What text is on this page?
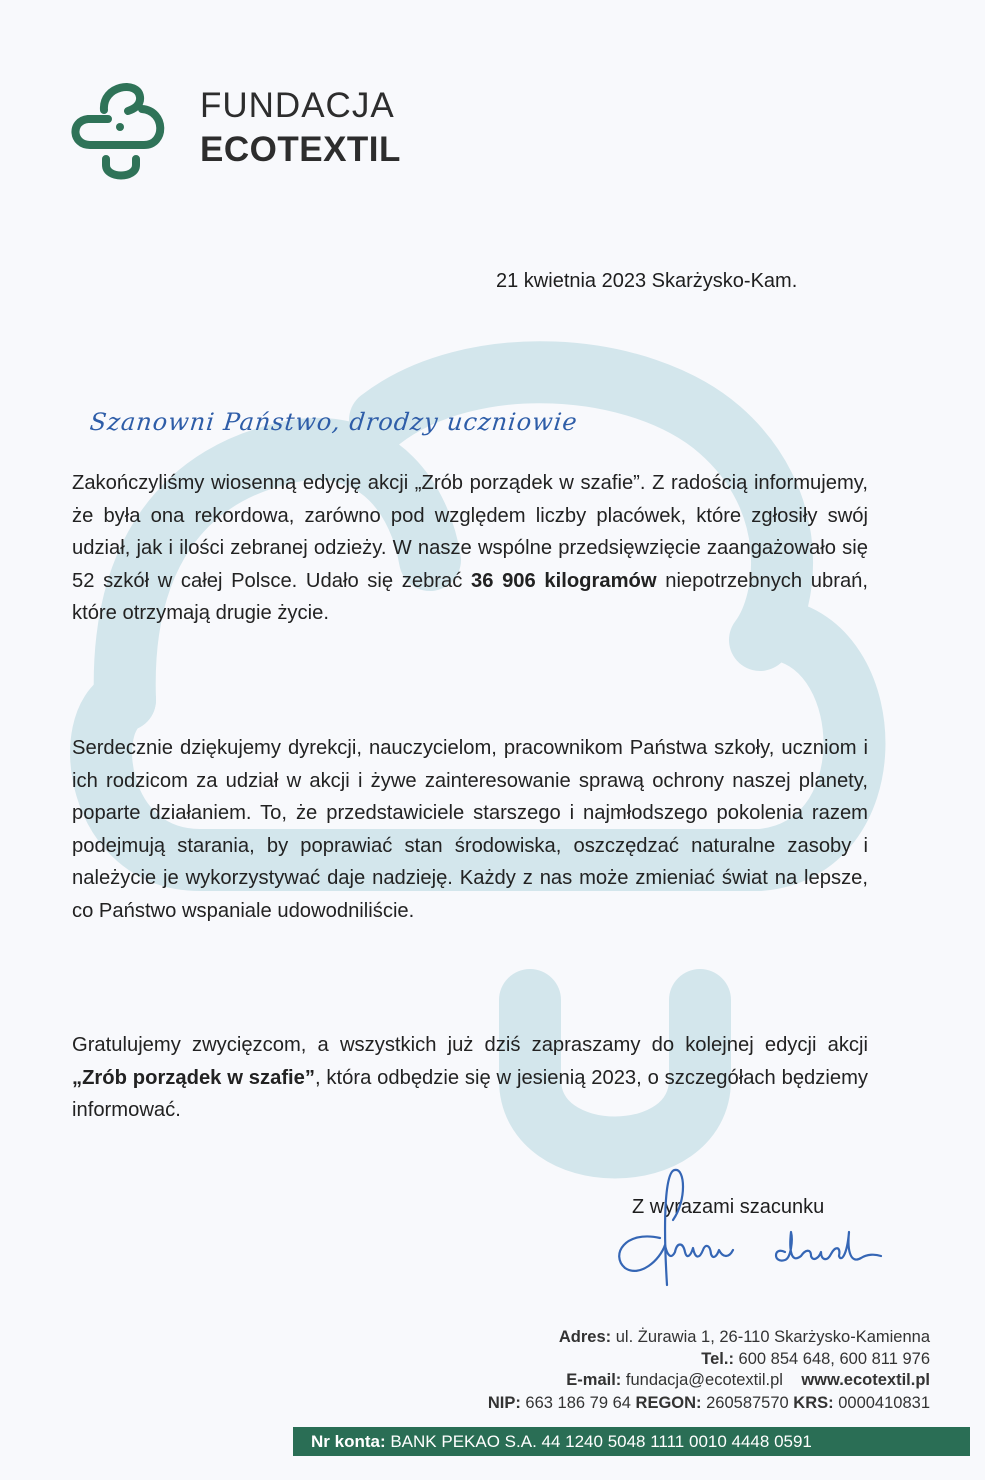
FUNDACJA
ECOTEXTIL
21 kwietnia 2023 Skarżysko-Kam.
Szanowni Państwo, drodzy uczniowie
Zakończyliśmy wiosenną edycję akcji „Zrób porządek w szafie”. Z radością informujemy, że była ona rekordowa, zarówno pod względem liczby placówek, które zgłosiły swój udział, jak i ilości zebranej odzieży. W nasze wspólne przedsięwzięcie zaangażowało się 52 szkół w całej Polsce. Udało się zebrać 36 906 kilogramów niepotrzebnych ubrań, które otrzymają drugie życie.
Serdecznie dziękujemy dyrekcji, nauczycielom, pracownikom Państwa szkoły, uczniom i ich rodzicom za udział w akcji i żywe zainteresowanie sprawą ochrony naszej planety, poparte działaniem. To, że przedstawiciele starszego i najmłodszego pokolenia razem podejmują starania, by poprawiać stan środowiska, oszczędzać naturalne zasoby i należycie je wykorzystywać daje nadzieję. Każdy z nas może zmieniać świat na lepsze, co Państwo wspaniale udowodniliście.
Gratulujemy zwycięzcom, a wszystkich już dziś zapraszamy do kolejnej edycji akcji „Zrób porządek w szafie”, która odbędzie się w jesienią 2023, o szczegółach będziemy informować.
Z wyrazami szacunku
Adres: ul. Żurawia 1, 26-110 Skarżysko-Kamienna
Tel.: 600 854 648, 600 811 976
E-mail: fundacja@ecotextil.pl www.ecotextil.pl
NIP: 663 186 79 64 REGON: 260587570 KRS: 0000410831
Nr konta: BANK PEKAO S.A. 44 1240 5048 1111 0010 4448 0591
